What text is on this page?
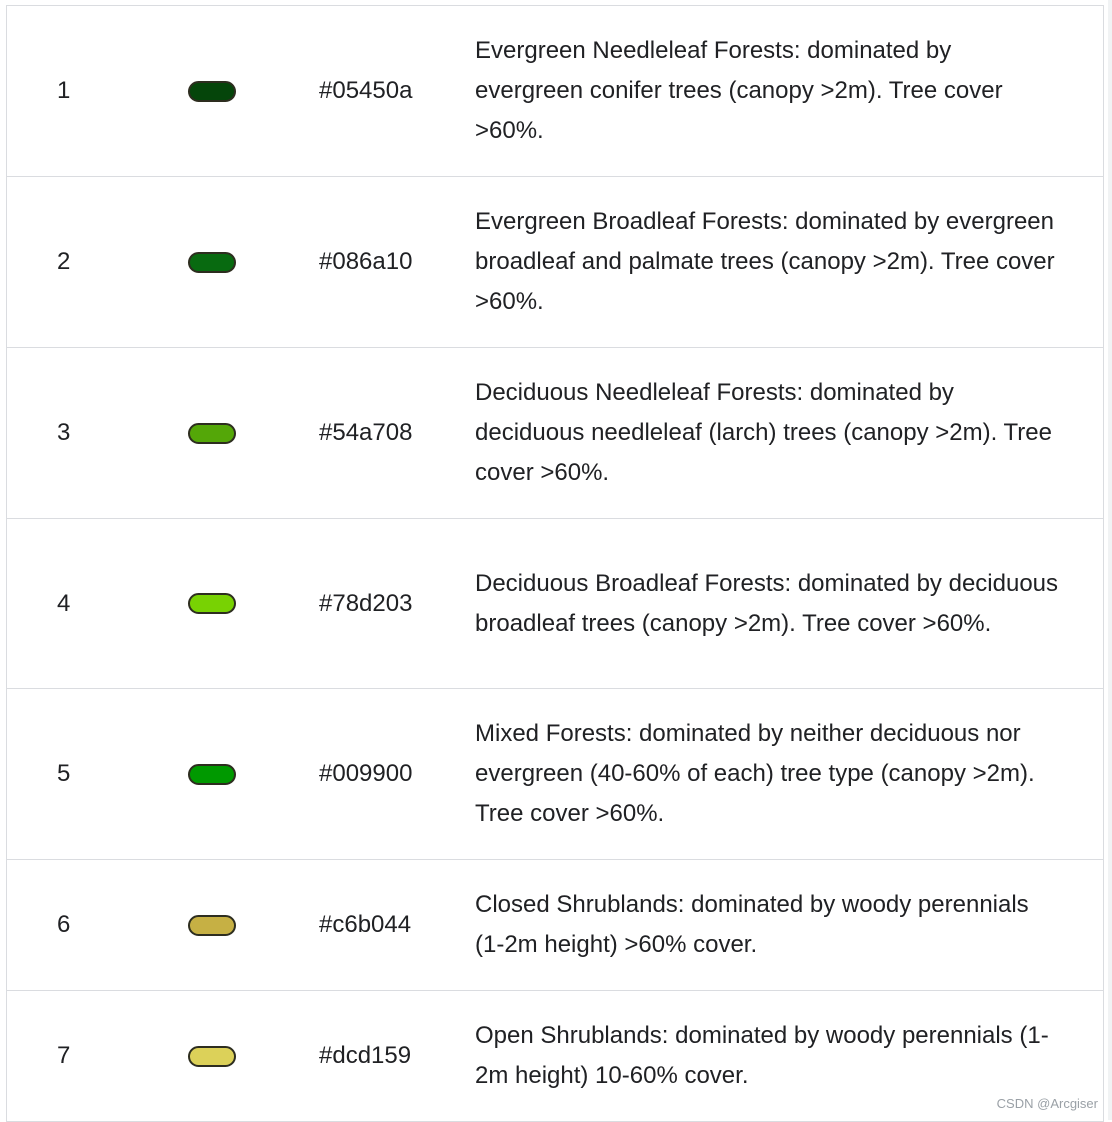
1		#05450a	Evergreen Needleleaf Forests: dominated by evergreen conifer trees (canopy >2m). Tree cover >60%.

2		#086a10	Evergreen Broadleaf Forests: dominated by evergreen broadleaf and palmate trees (canopy >2m). Tree cover >60%.

3		#54a708	Deciduous Needleleaf Forests: dominated by deciduous needleleaf (larch) trees (canopy >2m). Tree cover >60%.

4		#78d203	Deciduous Broadleaf Forests: dominated by deciduous broadleaf trees (canopy >2m). Tree cover >60%.

5		#009900	Mixed Forests: dominated by neither deciduous nor evergreen (40-60% of each) tree type (canopy >2m). Tree cover >60%.

6		#c6b044	Closed Shrublands: dominated by woody perennials (1-2m height) >60% cover.

7		#dcd159	Open Shrublands: dominated by woody perennials (1-2m height) 10-60% cover.
CSDN @Arcgiser
